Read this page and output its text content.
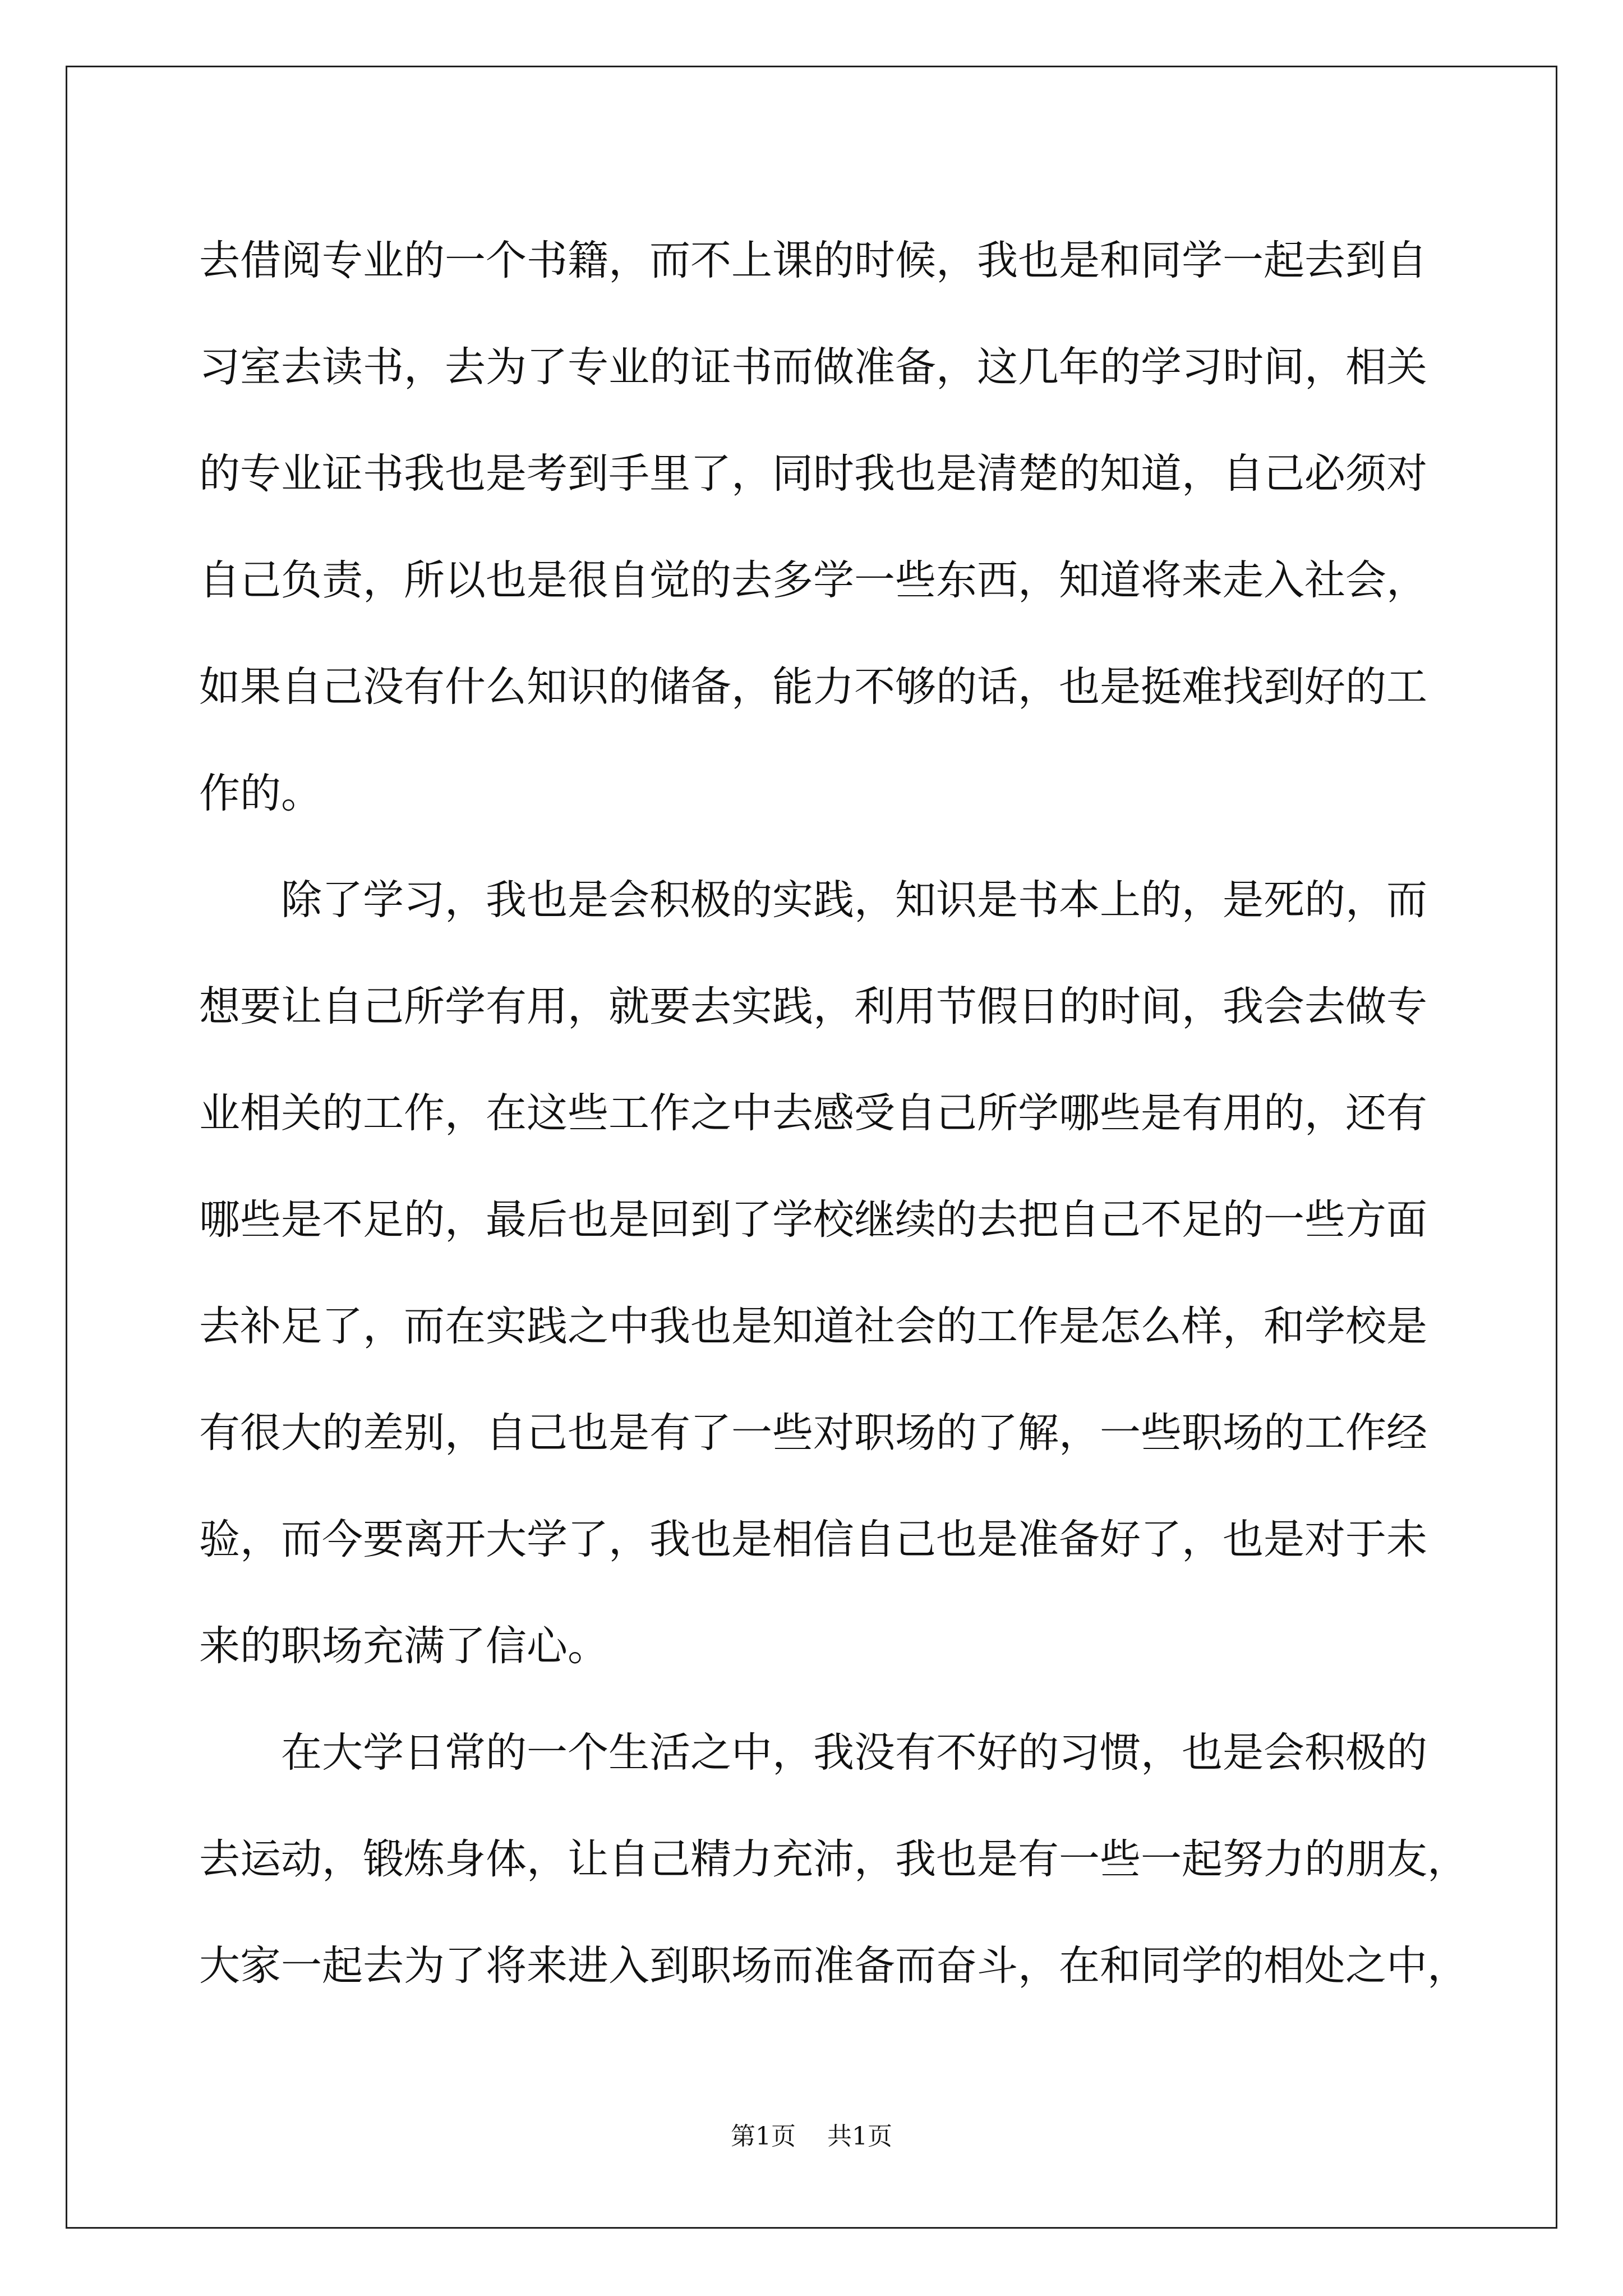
去借阅专业的一个书籍，而不上课的时候，我也是和同学一起去到自
习室去读书，去为了专业的证书而做准备，这几年的学习时间，相关
的专业证书我也是考到手里了，同时我也是清楚的知道，自己必须对
自己负责，所以也是很自觉的去多学一些东西，知道将来走入社会，
如果自己没有什么知识的储备，能力不够的话，也是挺难找到好的工
作的。
除了学习，我也是会积极的实践，知识是书本上的，是死的，而
想要让自己所学有用，就要去实践，利用节假日的时间，我会去做专
业相关的工作，在这些工作之中去感受自己所学哪些是有用的，还有
哪些是不足的，最后也是回到了学校继续的去把自己不足的一些方面
去补足了，而在实践之中我也是知道社会的工作是怎么样，和学校是
有很大的差别，自己也是有了一些对职场的了解，一些职场的工作经
验，而今要离开大学了，我也是相信自己也是准备好了，也是对于未
来的职场充满了信心。
在大学日常的一个生活之中，我没有不好的习惯，也是会积极的
去运动，锻炼身体，让自己精力充沛，我也是有一些一起努力的朋友，
大家一起去为了将来进入到职场而准备而奋斗，在和同学的相处之中，
第1页 共1页
